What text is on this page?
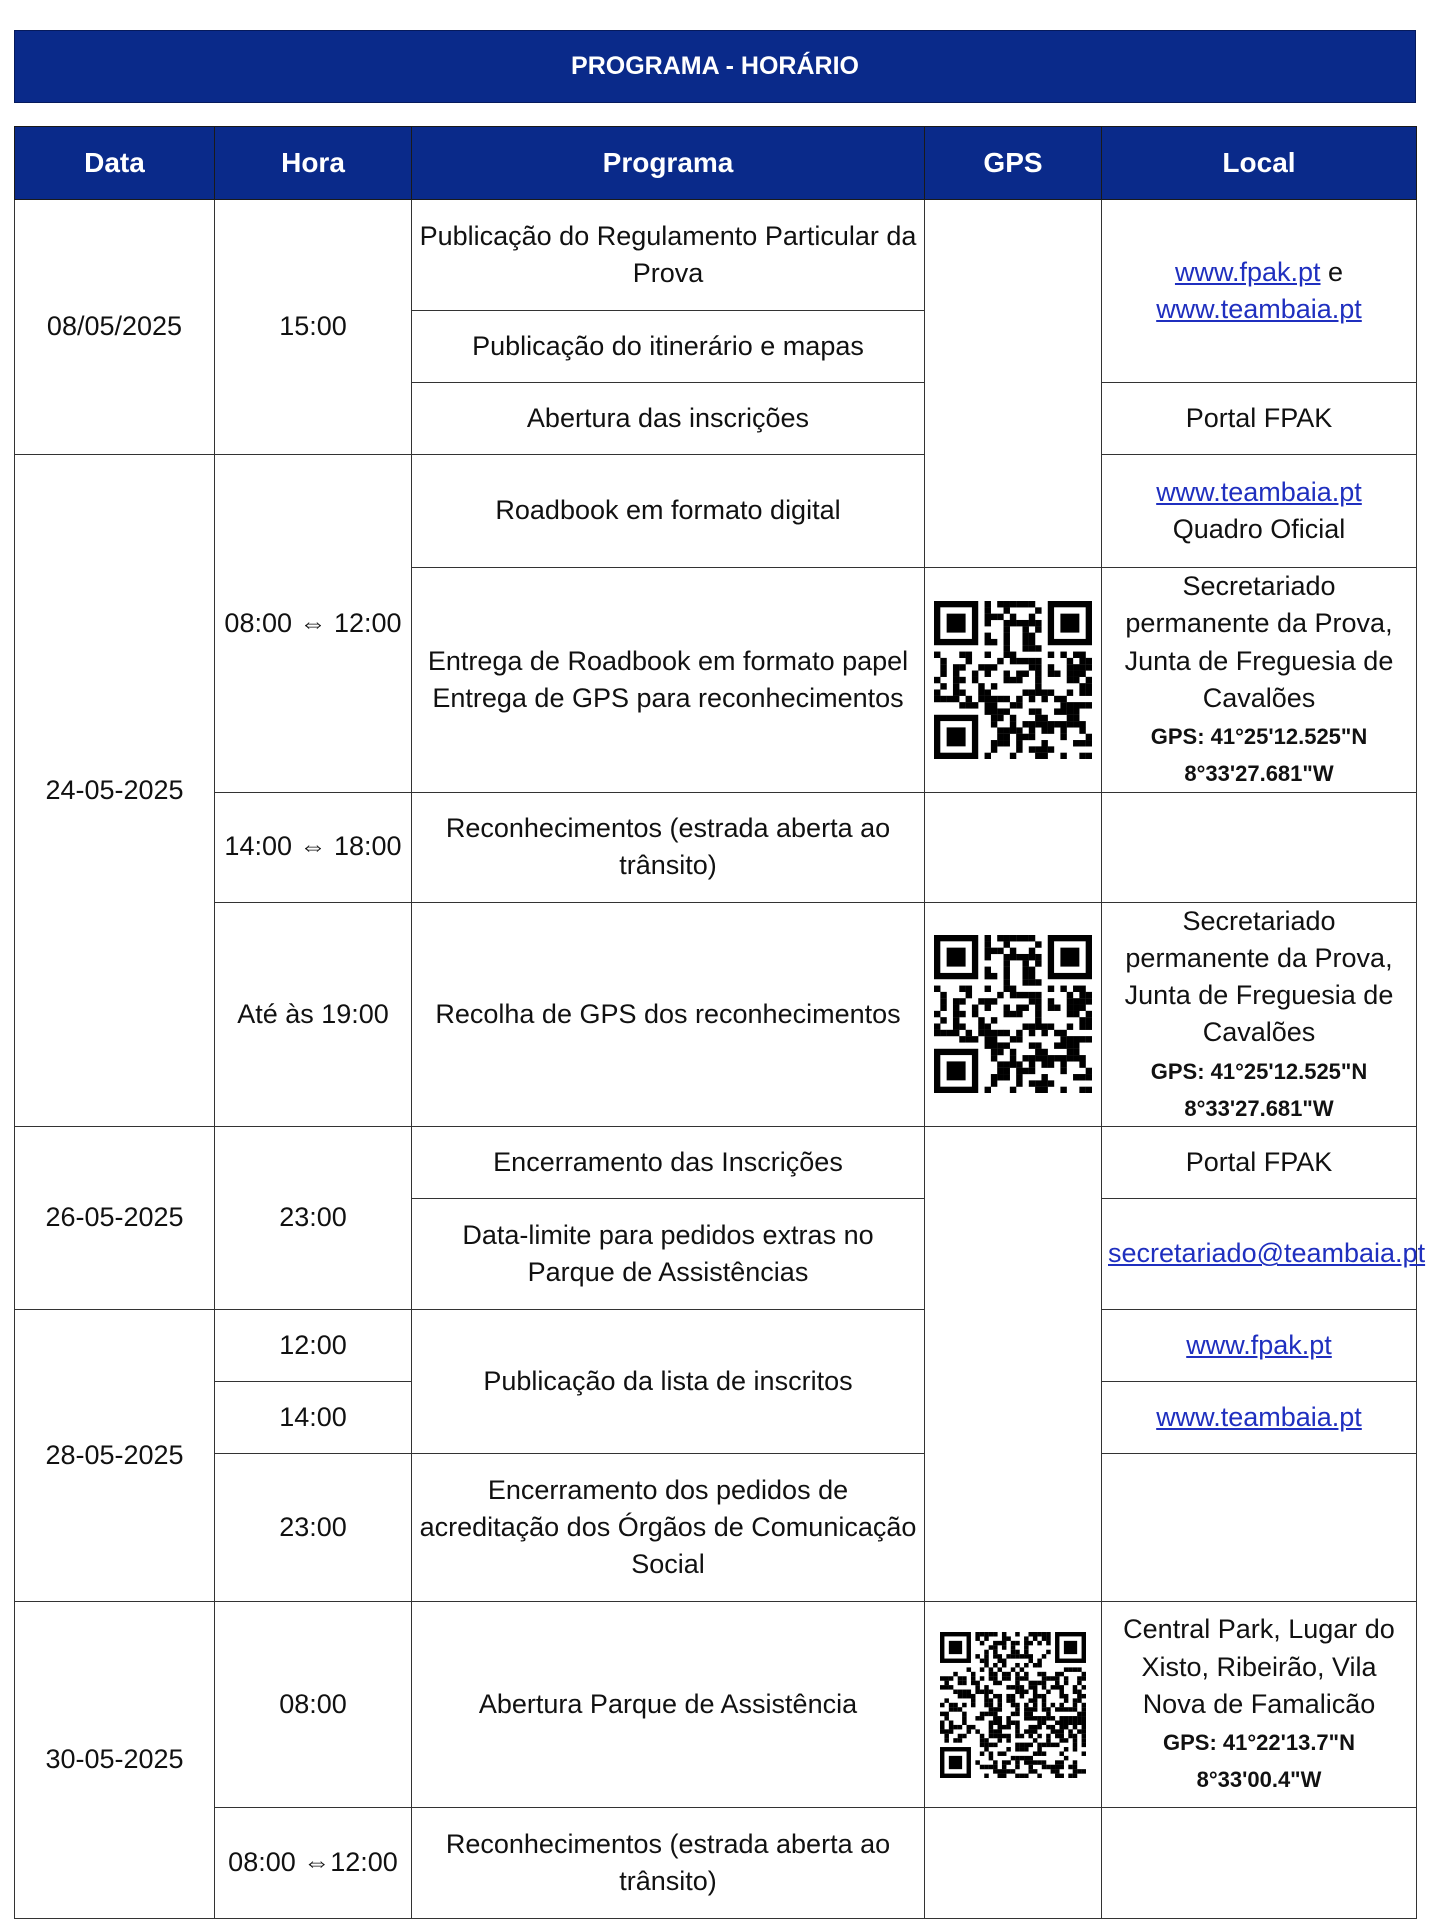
PROGRAMA - HORÁRIO
Data	Hora	Programa	GPS	Local
08/05/2025	15:00	Publicação do Regulamento Particular da Prova		www.fpak.pt e
www.teambaia.pt
		Publicação do itinerário e mapas		
		Abertura das inscrições		Portal FPAK
24-05-2025	08:00 ⇔ 12:00	Roadbook em formato digital		www.teambaia.pt
Quadro Oficial
		Entrega de Roadbook em formato papel
Entrega de GPS para reconhecimentos		Secretariado permanente da Prova, Junta de Freguesia de Cavalões
GPS: 41°25'12.525"N
8°33'27.681"W
	14:00 ⇔ 18:00	Reconhecimentos (estrada aberta ao trânsito)		
	Até às 19:00	Recolha de GPS dos reconhecimentos		Secretariado permanente da Prova, Junta de Freguesia de Cavalões
GPS: 41°25'12.525"N
8°33'27.681"W
26-05-2025	23:00	Encerramento das Inscrições		Portal FPAK
		Data-limite para pedidos extras no Parque de Assistências		secretariado@teambaia.pt
28-05-2025	12:00	Publicação da lista de inscritos		www.fpak.pt
	14:00			www.teambaia.pt
	23:00	Encerramento dos pedidos de acreditação dos Órgãos de Comunicação Social		
30-05-2025	08:00	Abertura Parque de Assistência		Central Park, Lugar do Xisto, Ribeirão, Vila Nova de Famalicão
GPS: 41°22'13.7"N
8°33'00.4"W
	08:00 ⇔12:00	Reconhecimentos (estrada aberta ao trânsito)		
